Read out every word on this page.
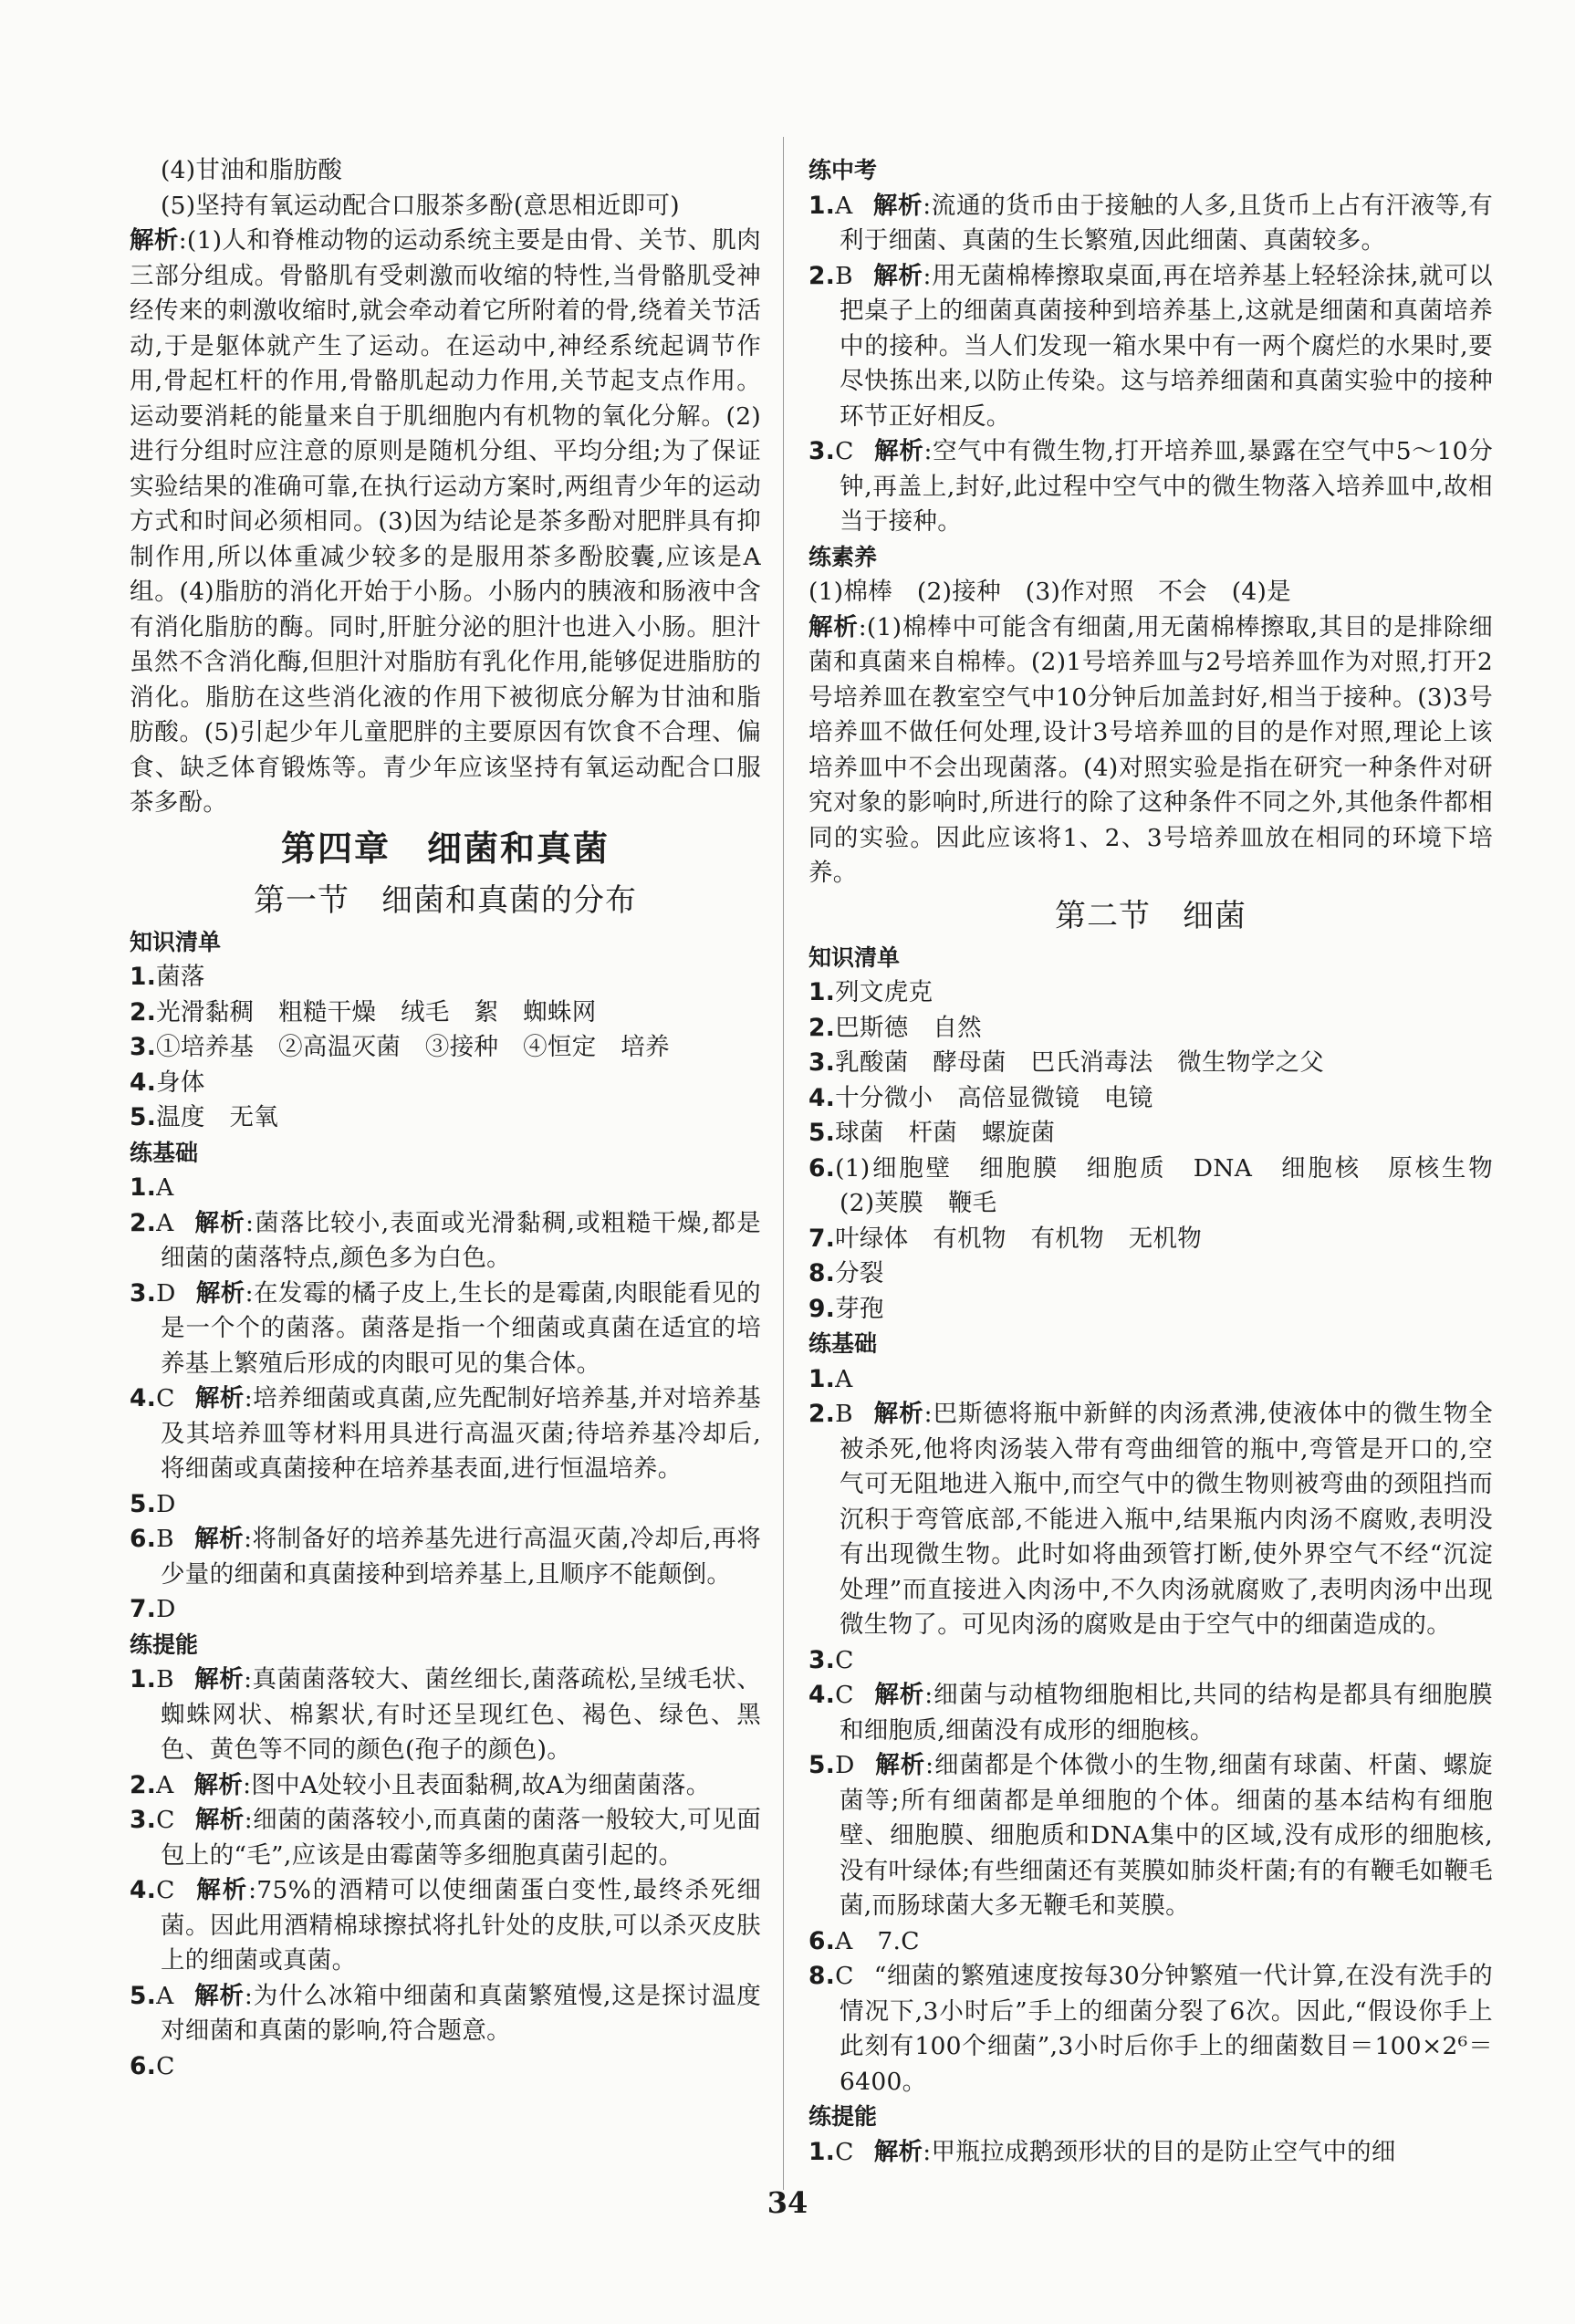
(4)甘油和脂肪酸

(5)坚持有氧运动配合口服茶多酚(意思相近即可)

解析:(1)人和脊椎动物的运动系统主要是由骨、关节、肌肉三部分组成。骨骼肌有受刺激而收缩的特性,当骨骼肌受神经传来的刺激收缩时,就会牵动着它所附着的骨,绕着关节活动,于是躯体就产生了运动。在运动中,神经系统起调节作用,骨起杠杆的作用,骨骼肌起动力作用,关节起支点作用。运动要消耗的能量来自于肌细胞内有机物的氧化分解。(2)进行分组时应注意的原则是随机分组、平均分组;为了保证实验结果的准确可靠,在执行运动方案时,两组青少年的运动方式和时间必须相同。(3)因为结论是茶多酚对肥胖具有抑制作用,所以体重减少较多的是服用茶多酚胶囊,应该是A组。(4)脂肪的消化开始于小肠。小肠内的胰液和肠液中含有消化脂肪的酶。同时,肝脏分泌的胆汁也进入小肠。胆汁虽然不含消化酶,但胆汁对脂肪有乳化作用,能够促进脂肪的消化。脂肪在这些消化液的作用下被彻底分解为甘油和脂肪酸。(5)引起少年儿童肥胖的主要原因有饮食不合理、偏食、缺乏体育锻炼等。青少年应该坚持有氧运动配合口服茶多酚。

第四章　细菌和真菌
第一节　细菌和真菌的分布
知识清单

1.菌落

2.光滑黏稠　粗糙干燥　绒毛　絮　蜘蛛网

3.①培养基　②高温灭菌　③接种　④恒定　培养

4.身体

5.温度　无氧

练基础

1.A

2.A 解析:菌落比较小,表面或光滑黏稠,或粗糙干燥,都是细菌的菌落特点,颜色多为白色。

3.D 解析:在发霉的橘子皮上,生长的是霉菌,肉眼能看见的是一个个的菌落。菌落是指一个细菌或真菌在适宜的培养基上繁殖后形成的肉眼可见的集合体。

4.C 解析:培养细菌或真菌,应先配制好培养基,并对培养基及其培养皿等材料用具进行高温灭菌;待培养基冷却后,将细菌或真菌接种在培养基表面,进行恒温培养。

5.D

6.B 解析:将制备好的培养基先进行高温灭菌,冷却后,再将少量的细菌和真菌接种到培养基上,且顺序不能颠倒。

7.D

练提能

1.B 解析:真菌菌落较大、菌丝细长,菌落疏松,呈绒毛状、蜘蛛网状、棉絮状,有时还呈现红色、褐色、绿色、黑色、黄色等不同的颜色(孢子的颜色)。

2.A 解析:图中A处较小且表面黏稠,故A为细菌菌落。

3.C 解析:细菌的菌落较小,而真菌的菌落一般较大,可见面包上的“毛”,应该是由霉菌等多细胞真菌引起的。

4.C 解析:75%的酒精可以使细菌蛋白变性,最终杀死细菌。因此用酒精棉球擦拭将扎针处的皮肤,可以杀灭皮肤上的细菌或真菌。

5.A 解析:为什么冰箱中细菌和真菌繁殖慢,这是探讨温度对细菌和真菌的影响,符合题意。

6.C

练中考

1.A 解析:流通的货币由于接触的人多,且货币上占有汗液等,有利于细菌、真菌的生长繁殖,因此细菌、真菌较多。

2.B 解析:用无菌棉棒擦取桌面,再在培养基上轻轻涂抹,就可以把桌子上的细菌真菌接种到培养基上,这就是细菌和真菌培养中的接种。当人们发现一箱水果中有一两个腐烂的水果时,要尽快拣出来,以防止传染。这与培养细菌和真菌实验中的接种环节正好相反。

3.C 解析:空气中有微生物,打开培养皿,暴露在空气中5～10分钟,再盖上,封好,此过程中空气中的微生物落入培养皿中,故相当于接种。

练素养

(1)棉棒　(2)接种　(3)作对照　不会　(4)是

解析:(1)棉棒中可能含有细菌,用无菌棉棒擦取,其目的是排除细菌和真菌来自棉棒。(2)1号培养皿与2号培养皿作为对照,打开2号培养皿在教室空气中10分钟后加盖封好,相当于接种。(3)3号培养皿不做任何处理,设计3号培养皿的目的是作对照,理论上该培养皿中不会出现菌落。(4)对照实验是指在研究一种条件对研究对象的影响时,所进行的除了这种条件不同之外,其他条件都相同的实验。因此应该将1、2、3号培养皿放在相同的环境下培养。

第二节　细菌
知识清单

1.列文虎克

2.巴斯德　自然

3.乳酸菌　酵母菌　巴氏消毒法　微生物学之父

4.十分微小　高倍显微镜　电镜

5.球菌　杆菌　螺旋菌

6.(1)细胞壁　细胞膜　细胞质　DNA　细胞核　原核生物　(2)荚膜　鞭毛

7.叶绿体　有机物　有机物　无机物

8.分裂

9.芽孢

练基础

1.A

2.B 解析:巴斯德将瓶中新鲜的肉汤煮沸,使液体中的微生物全被杀死,他将肉汤装入带有弯曲细管的瓶中,弯管是开口的,空气可无阻地进入瓶中,而空气中的微生物则被弯曲的颈阻挡而沉积于弯管底部,不能进入瓶中,结果瓶内肉汤不腐败,表明没有出现微生物。此时如将曲颈管打断,使外界空气不经“沉淀处理”而直接进入肉汤中,不久肉汤就腐败了,表明肉汤中出现微生物了。可见肉汤的腐败是由于空气中的细菌造成的。

3.C

4.C 解析:细菌与动植物细胞相比,共同的结构是都具有细胞膜和细胞质,细菌没有成形的细胞核。

5.D 解析:细菌都是个体微小的生物,细菌有球菌、杆菌、螺旋菌等;所有细菌都是单细胞的个体。细菌的基本结构有细胞壁、细胞膜、细胞质和DNA集中的区域,没有成形的细胞核,没有叶绿体;有些细菌还有荚膜如肺炎杆菌;有的有鞭毛如鞭毛菌,而肠球菌大多无鞭毛和荚膜。

6.A　7.C

8.C “细菌的繁殖速度按每30分钟繁殖一代计算,在没有洗手的情况下,3小时后”手上的细菌分裂了6次。因此,“假设你手上此刻有100个细菌”,3小时后你手上的细菌数目＝100×2⁶＝6400。

练提能

1.C 解析:甲瓶拉成鹅颈形状的目的是防止空气中的细

34
